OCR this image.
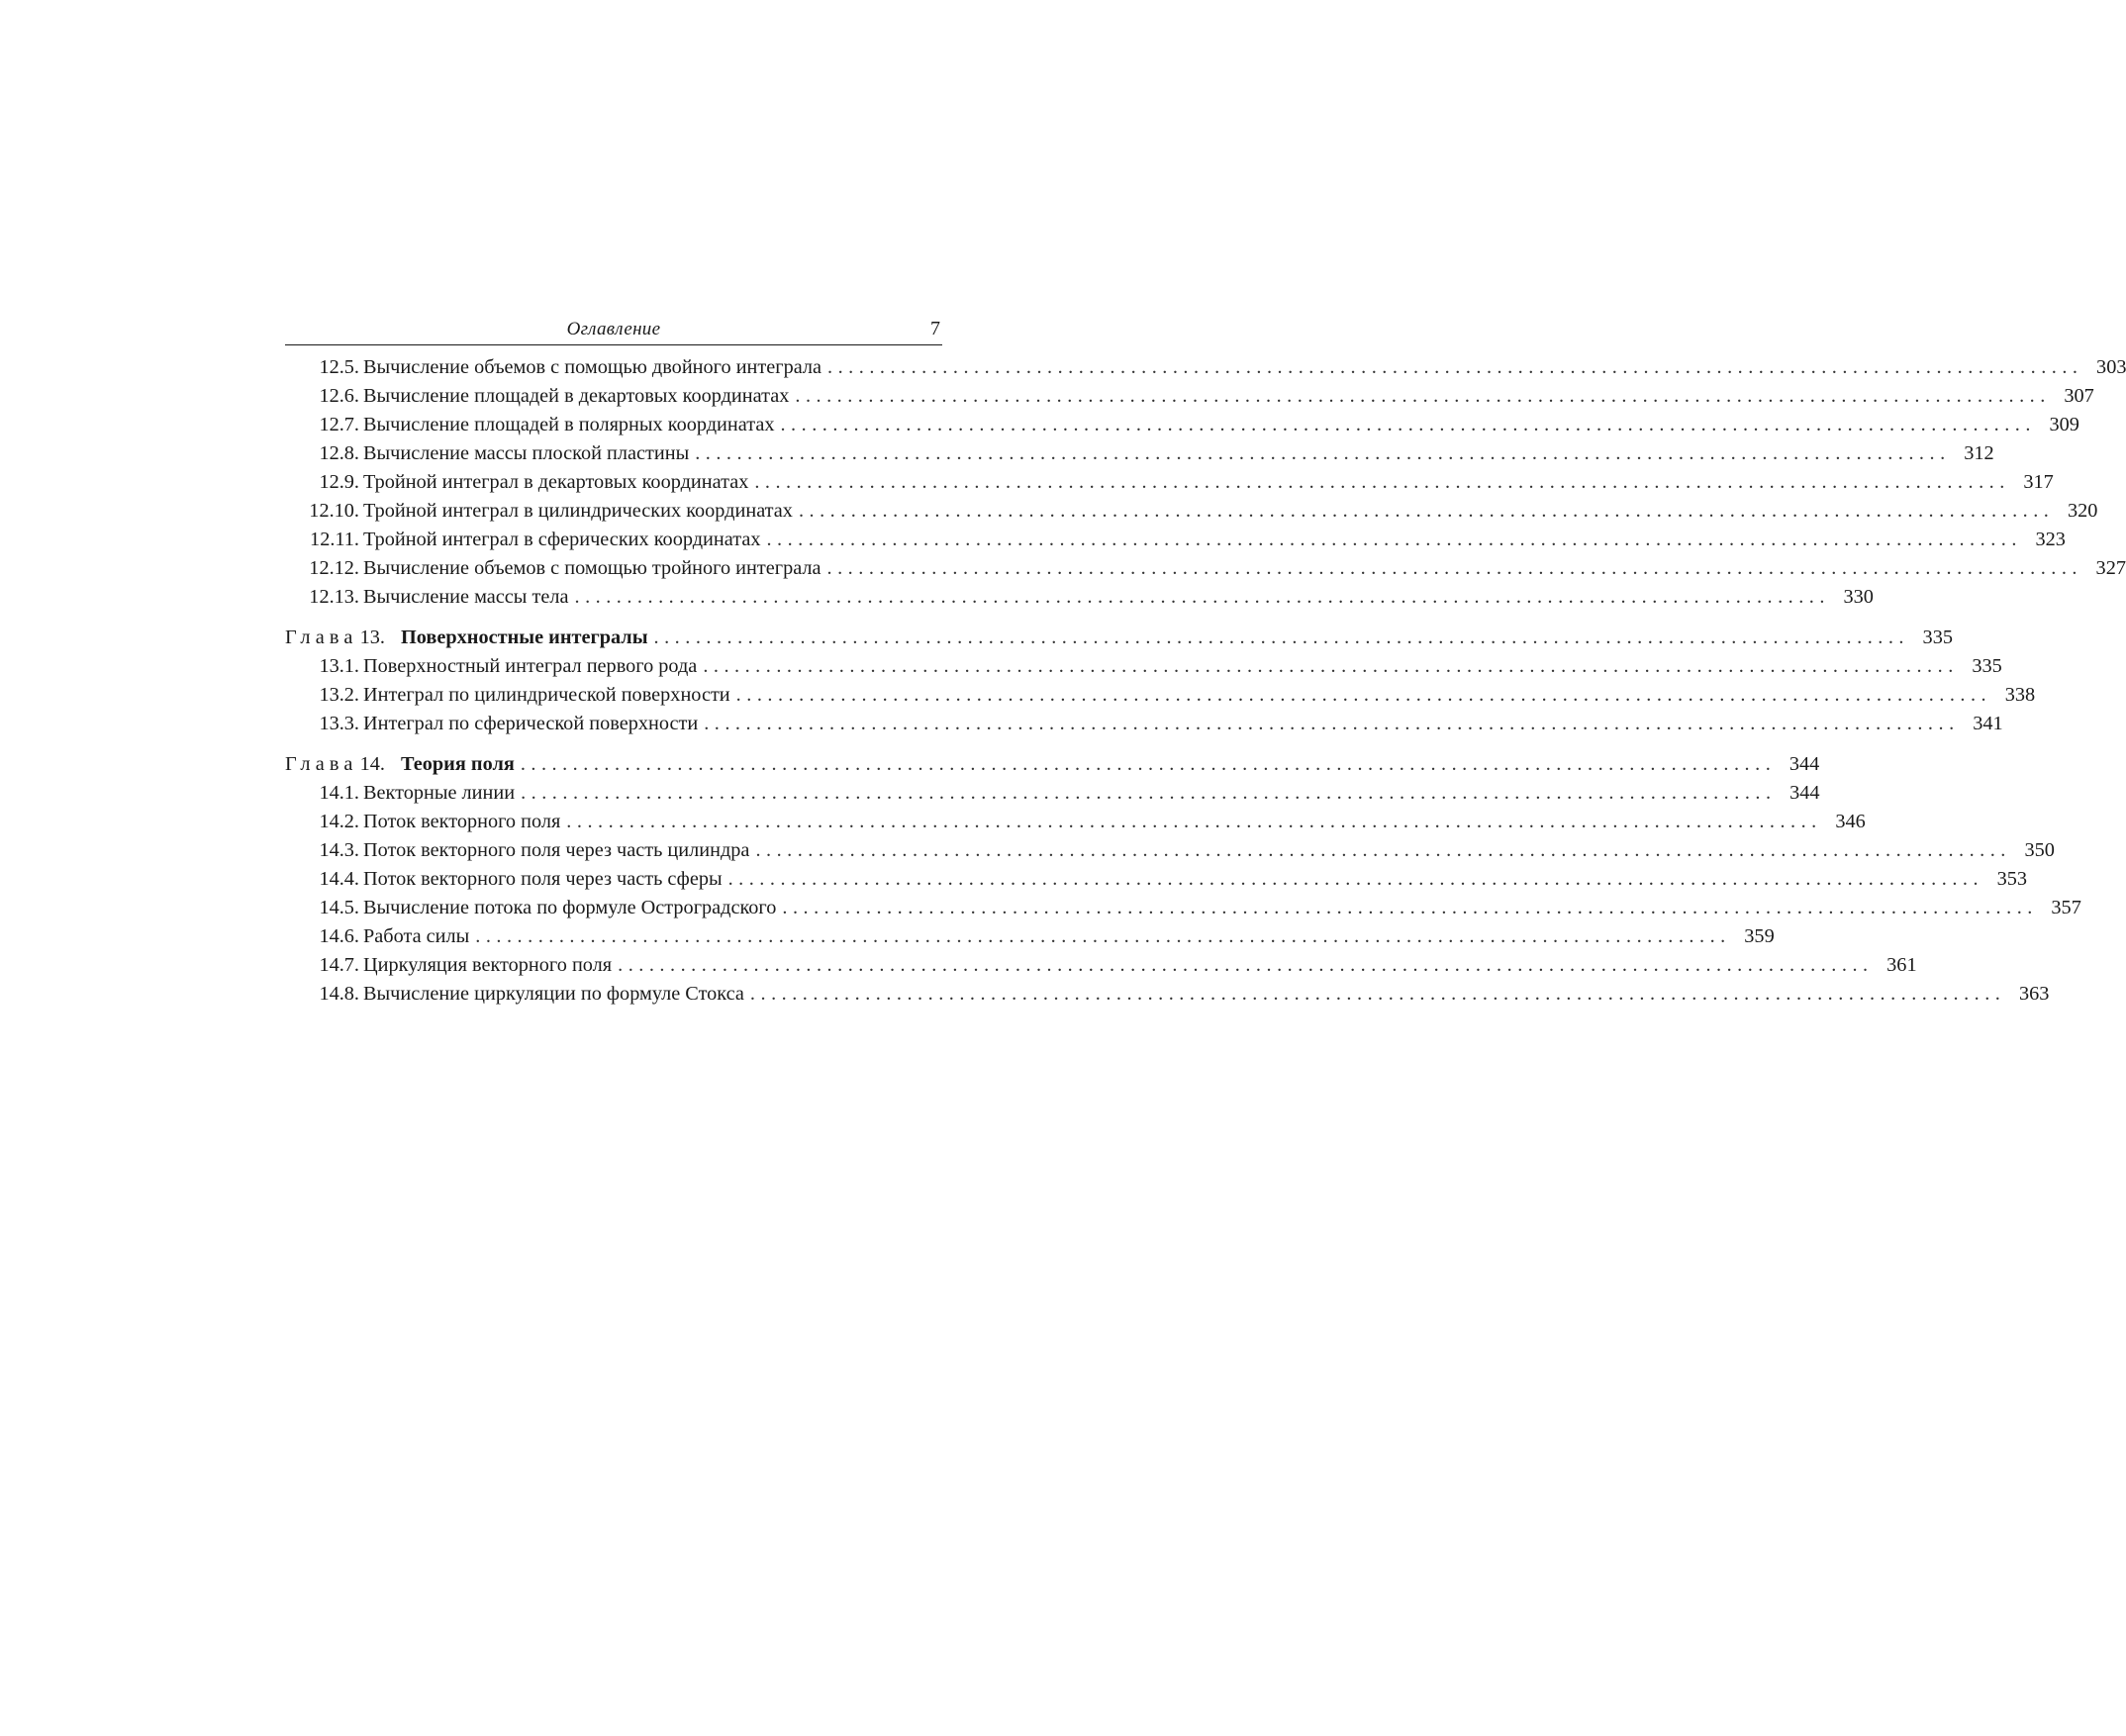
Оглавление	7
12.5. Вычисление объемов с помощью двойного интеграла ........................................................................................................................ 303
12.6. Вычисление площадей в декартовых координатах ........................................................................................................................ 307
12.7. Вычисление площадей в полярных координатах ........................................................................................................................ 309
12.8. Вычисление массы плоской пластины ........................................................................................................................ 312
12.9. Тройной интеграл в декартовых координатах ........................................................................................................................ 317
12.10. Тройной интеграл в цилиндрических координатах ........................................................................................................................ 320
12.11. Тройной интеграл в сферических координатах ........................................................................................................................ 323
12.12. Вычисление объемов с помощью тройного интеграла ........................................................................................................................ 327
12.13. Вычисление массы тела ........................................................................................................................ 330
Глава 13. Поверхностные интегралы ........................................................................................................................ 335
13.1. Поверхностный интеграл первого рода ........................................................................................................................ 335
13.2. Интеграл по цилиндрической поверхности ........................................................................................................................ 338
13.3. Интеграл по сферической поверхности ........................................................................................................................ 341
Глава 14. Теория поля ........................................................................................................................ 344
14.1. Векторные линии ........................................................................................................................ 344
14.2. Поток векторного поля ........................................................................................................................ 346
14.3. Поток векторного поля через часть цилиндра ........................................................................................................................ 350
14.4. Поток векторного поля через часть сферы ........................................................................................................................ 353
14.5. Вычисление потока по формуле Остроградского ........................................................................................................................ 357
14.6. Работа силы ........................................................................................................................ 359
14.7. Циркуляция векторного поля ........................................................................................................................ 361
14.8. Вычисление циркуляции по формуле Стокса ........................................................................................................................ 363
